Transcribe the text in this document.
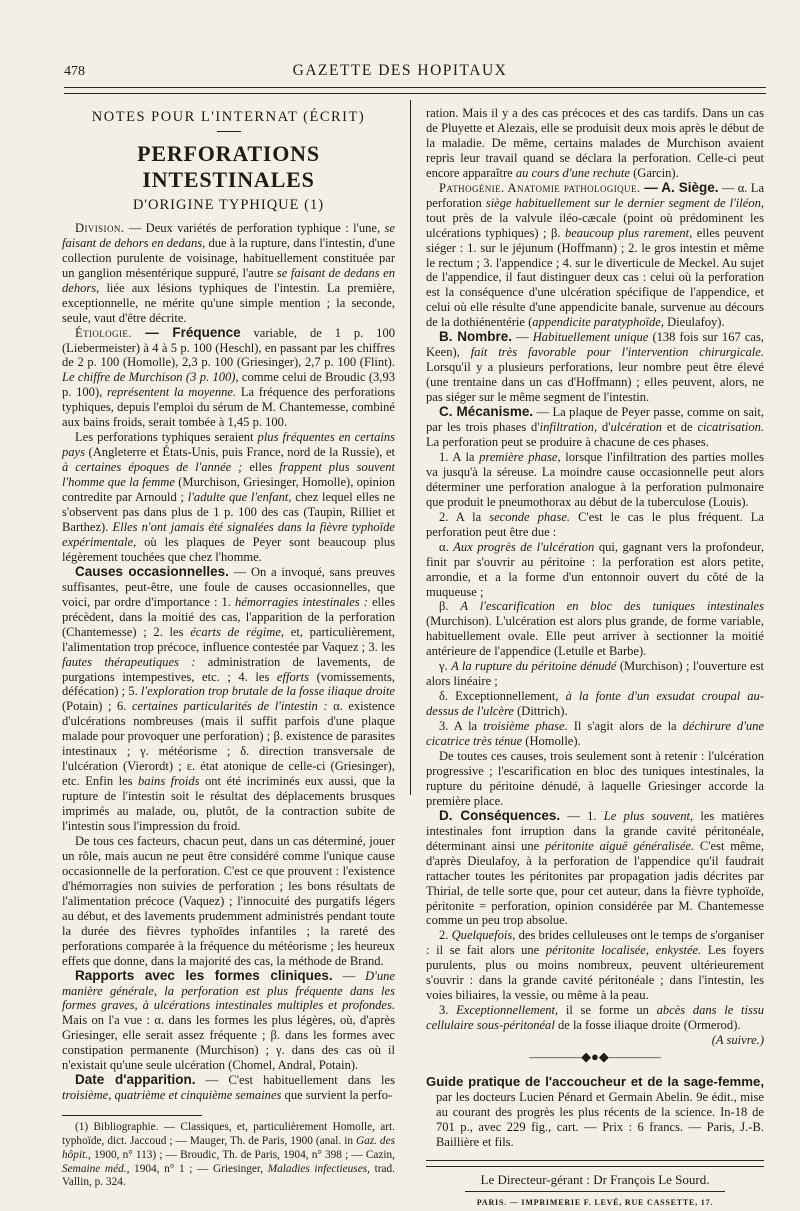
478	GAZETTE DES HOPITAUX
NOTES POUR L'INTERNAT (ÉCRIT)
PERFORATIONS INTESTINALES
D'ORIGINE TYPHIQUE (1)

Division. — Deux variétés de perforation typhique : l'une, se faisant de dehors en dedans, due à la rupture, dans l'intestin, d'une collection purulente de voisinage, habituellement constituée par un ganglion mésentérique suppuré, l'autre se faisant de dedans en dehors, liée aux lésions typhiques de l'intestin. La première, exceptionnelle, ne mérite qu'une simple mention ; la seconde, seule, vaut d'être décrite.

Étiologie. — Fréquence variable, de 1 p. 100 (Liebermeister) à 4 à 5 p. 100 (Heschl), en passant par les chiffres de 2 p. 100 (Homolle), 2,3 p. 100 (Griesinger), 2,7 p. 100 (Flint). Le chiffre de Murchison (3 p. 100), comme celui de Broudic (3,93 p. 100), représentent la moyenne. La fréquence des perforations typhiques, depuis l'emploi du sérum de M. Chantemesse, combiné aux bains froids, serait tombée à 1,45 p. 100.

Les perforations typhiques seraient plus fréquentes en certains pays (Angleterre et États-Unis, puis France, nord de la Russie), et à certaines époques de l'année ; elles frappent plus souvent l'homme que la femme (Murchison, Griesinger, Homolle), opinion contredite par Arnould ; l'adulte que l'enfant, chez lequel elles ne s'observent pas dans plus de 1 p. 100 des cas (Taupin, Rilliet et Barthez). Elles n'ont jamais été signalées dans la fièvre typhoïde expérimentale, où les plaques de Peyer sont beaucoup plus légèrement touchées que chez l'homme.

Causes occasionnelles. — On a invoqué, sans preuves suffisantes, peut-être, une foule de causes occasionnelles, que voici, par ordre d'importance : 1. hémorragies intestinales : elles précèdent, dans la moitié des cas, l'apparition de la perforation (Chantemesse) ; 2. les écarts de régime, et, particulièrement, l'alimentation trop précoce, influence contestée par Vaquez ; 3. les fautes thérapeutiques : administration de lavements, de purgations intempestives, etc. ; 4. les efforts (vomissements, défécation) ; 5. l'exploration trop brutale de la fosse iliaque droite (Potain) ; 6. certaines particularités de l'intestin : α. existence d'ulcérations nombreuses (mais il suffit parfois d'une plaque malade pour provoquer une perforation) ; β. existence de parasites intestinaux ; γ. météorisme ; δ. direction transversale de l'ulcération (Vierordt) ; ε. état atonique de celle-ci (Griesinger), etc. Enfin les bains froids ont été incriminés eux aussi, que la rupture de l'intestin soit le résultat des déplacements brusques imprimés au malade, ou, plutôt, de la contraction subite de l'intestin sous l'impression du froid.

De tous ces facteurs, chacun peut, dans un cas déterminé, jouer un rôle, mais aucun ne peut être considéré comme l'unique cause occasionnelle de la perforation. C'est ce que prouvent : l'existence d'hémorragies non suivies de perforation ; les bons résultats de l'alimentation précoce (Vaquez) ; l'innocuité des purgatifs légers au début, et des lavements prudemment administrés pendant toute la durée des fièvres typhoïdes infantiles ; la rareté des perforations comparée à la fréquence du météorisme ; les heureux effets que donne, dans la majorité des cas, la méthode de Brand.

Rapports avec les formes cliniques. — D'une manière générale, la perforation est plus fréquente dans les formes graves, à ulcérations intestinales multiples et profondes. Mais on l'a vue : α. dans les formes les plus légères, où, d'après Griesinger, elle serait assez fréquente ; β. dans les formes avec constipation permanente (Murchison) ; γ. dans des cas où il n'existait qu'une seule ulcération (Chomel, Andral, Potain).

Date d'apparition. — C'est habituellement dans les troisième, quatrième et cinquième semaines que survient la perfo-

(1) Bibliographie. — Classiques, et, particulièrement Homolle, art. typhoïde, dict. Jaccoud ; — Mauger, Th. de Paris, 1900 (anal. in Gaz. des hôpit., 1900, n° 113) ; — Broudic, Th. de Paris, 1904, n° 398 ; — Cazin, Semaine méd., 1904, n° 1 ; — Griesinger, Maladies infectieuses, trad. Vallin, p. 324.

ration. Mais il y a des cas précoces et des cas tardifs. Dans un cas de Pluyette et Alezais, elle se produisit deux mois après le début de la maladie. De même, certains malades de Murchison avaient repris leur travail quand se déclara la perforation. Celle-ci peut encore apparaître au cours d'une rechute (Garcin).

Pathogénie. Anatomie pathologique. — A. Siège. — α. La perforation siège habituellement sur le dernier segment de l'iléon, tout près de la valvule iléo-cæcale (point où prédominent les ulcérations typhiques) ; β. beaucoup plus rarement, elles peuvent siéger : 1. sur le jéjunum (Hoffmann) ; 2. le gros intestin et même le rectum ; 3. l'appendice ; 4. sur le diverticule de Meckel. Au sujet de l'appendice, il faut distinguer deux cas : celui où la perforation est la conséquence d'une ulcération spécifique de l'appendice, et celui où elle résulte d'une appendicite banale, survenue au décours de la dothiénentérie (appendicite paratyphoïde, Dieulafoy).

B. Nombre. — Habituellement unique (138 fois sur 167 cas, Keen), fait très favorable pour l'intervention chirurgicale. Lorsqu'il y a plusieurs perforations, leur nombre peut être élevé (une trentaine dans un cas d'Hoffmann) ; elles peuvent, alors, ne pas siéger sur le même segment de l'intestin.

C. Mécanisme. — La plaque de Peyer passe, comme on sait, par les trois phases d'infiltration, d'ulcération et de cicatrisation. La perforation peut se produire à chacune de ces phases.

1. A la première phase, lorsque l'infiltration des parties molles va jusqu'à la séreuse. La moindre cause occasionnelle peut alors déterminer une perforation analogue à la perforation pulmonaire que produit le pneumothorax au début de la tuberculose (Louis).

2. A la seconde phase. C'est le cas le plus fréquent. La perforation peut être due :

α. Aux progrès de l'ulcération qui, gagnant vers la profondeur, finit par s'ouvrir au péritoine : la perforation est alors petite, arrondie, et a la forme d'un entonnoir ouvert du côté de la muqueuse ;

β. A l'escarification en bloc des tuniques intestinales (Murchison). L'ulcération est alors plus grande, de forme variable, habituellement ovale. Elle peut arriver à sectionner la moitié antérieure de l'appendice (Letulle et Barbe).

γ. A la rupture du péritoine dénudé (Murchison) ; l'ouverture est alors linéaire ;

δ. Exceptionnellement, à la fonte d'un exsudat croupal au-dessus de l'ulcère (Dittrich).

3. A la troisième phase. Il s'agit alors de la déchirure d'une cicatrice très ténue (Homolle).

De toutes ces causes, trois seulement sont à retenir : l'ulcération progressive ; l'escarification en bloc des tuniques intestinales, la rupture du péritoine dénudé, à laquelle Griesinger accorde la première place.

D. Conséquences. — 1. Le plus souvent, les matières intestinales font irruption dans la grande cavité péritonéale, déterminant ainsi une péritonite aiguë généralisée. C'est même, d'après Dieulafoy, à la perforation de l'appendice qu'il faudrait rattacher toutes les péritonites par propagation jadis décrites par Thirial, de telle sorte que, pour cet auteur, dans la fièvre typhoïde, péritonite = perforation, opinion considérée par M. Chantemesse comme un peu trop absolue.

2. Quelquefois, des brides celluleuses ont le temps de s'organiser : il se fait alors une péritonite localisée, enkystée. Les foyers purulents, plus ou moins nombreux, peuvent ultérieurement s'ouvrir : dans la grande cavité péritonéale ; dans l'intestin, les voies biliaires, la vessie, ou même à la peau.

3. Exceptionnellement, il se forme un abcès dans le tissu cellulaire sous-péritonéal de la fosse iliaque droite (Ormerod).

(A suivre.)
————◆●◆————

Guide pratique de l'accoucheur et de la sage-femme, par les docteurs Lucien Pénard et Germain Abelin. 9e édit., mise au courant des progrès les plus récents de la science. In-18 de 701 p., avec 229 fig., cart. — Prix : 6 francs. — Paris, J.-B. Baillière et fils.

Le Directeur-gérant : Dr François Le Sourd.
PARIS. — IMPRIMERIE F. LEVÉ, RUE CASSETTE, 17.
